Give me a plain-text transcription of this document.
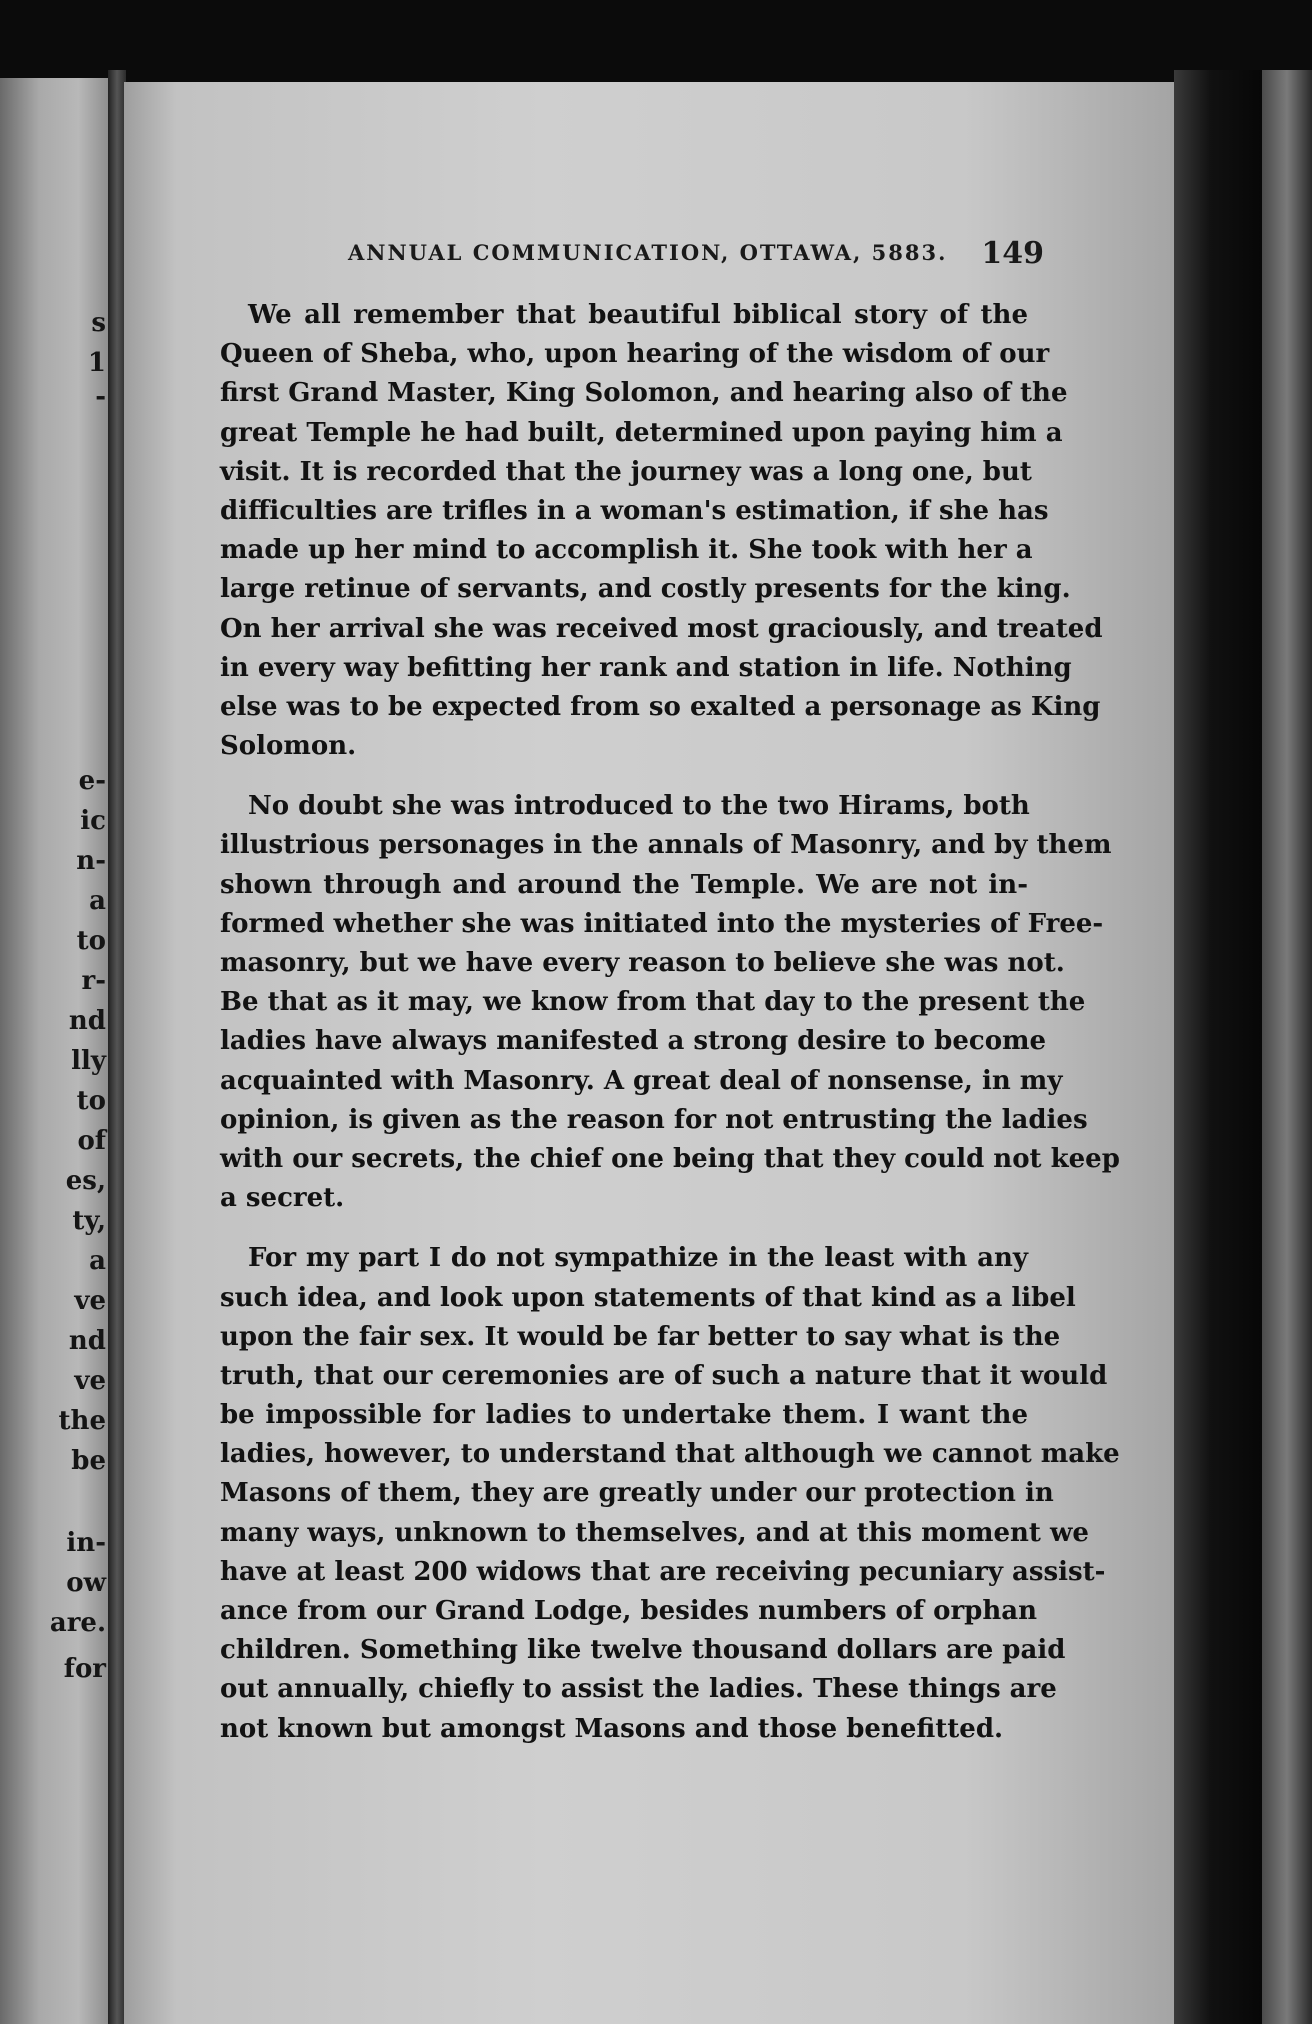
s
1
-
e-
ic
n-
a
to
r-
nd
lly
to
of
es,
ty,
a
ve
nd
ve
the
be
in-
ow
are.
for
ANNUAL COMMUNICATION, OTTAWA, 5883. 149
We all remember that beautiful biblical story of the
Queen of Sheba, who, upon hearing of the wisdom of our
first Grand Master, King Solomon, and hearing also of the
great Temple he had built, determined upon paying him a
visit. It is recorded that the journey was a long one, but
difficulties are trifles in a woman's estimation, if she has
made up her mind to accomplish it. She took with her a
large retinue of servants, and costly presents for the king.
On her arrival she was received most graciously, and treated
in every way befitting her rank and station in life. Nothing
else was to be expected from so exalted a personage as King
Solomon.
No doubt she was introduced to the two Hirams, both
illustrious personages in the annals of Masonry, and by them
shown through and around the Temple. We are not in-
formed whether she was initiated into the mysteries of Free-
masonry, but we have every reason to believe she was not.
Be that as it may, we know from that day to the present the
ladies have always manifested a strong desire to become
acquainted with Masonry. A great deal of nonsense, in my
opinion, is given as the reason for not entrusting the ladies
with our secrets, the chief one being that they could not keep
a secret.
For my part I do not sympathize in the least with any
such idea, and look upon statements of that kind as a libel
upon the fair sex. It would be far better to say what is the
truth, that our ceremonies are of such a nature that it would
be impossible for ladies to undertake them. I want the
ladies, however, to understand that although we cannot make
Masons of them, they are greatly under our protection in
many ways, unknown to themselves, and at this moment we
have at least 200 widows that are receiving pecuniary assist-
ance from our Grand Lodge, besides numbers of orphan
children. Something like twelve thousand dollars are paid
out annually, chiefly to assist the ladies. These things are
not known but amongst Masons and those benefitted.
